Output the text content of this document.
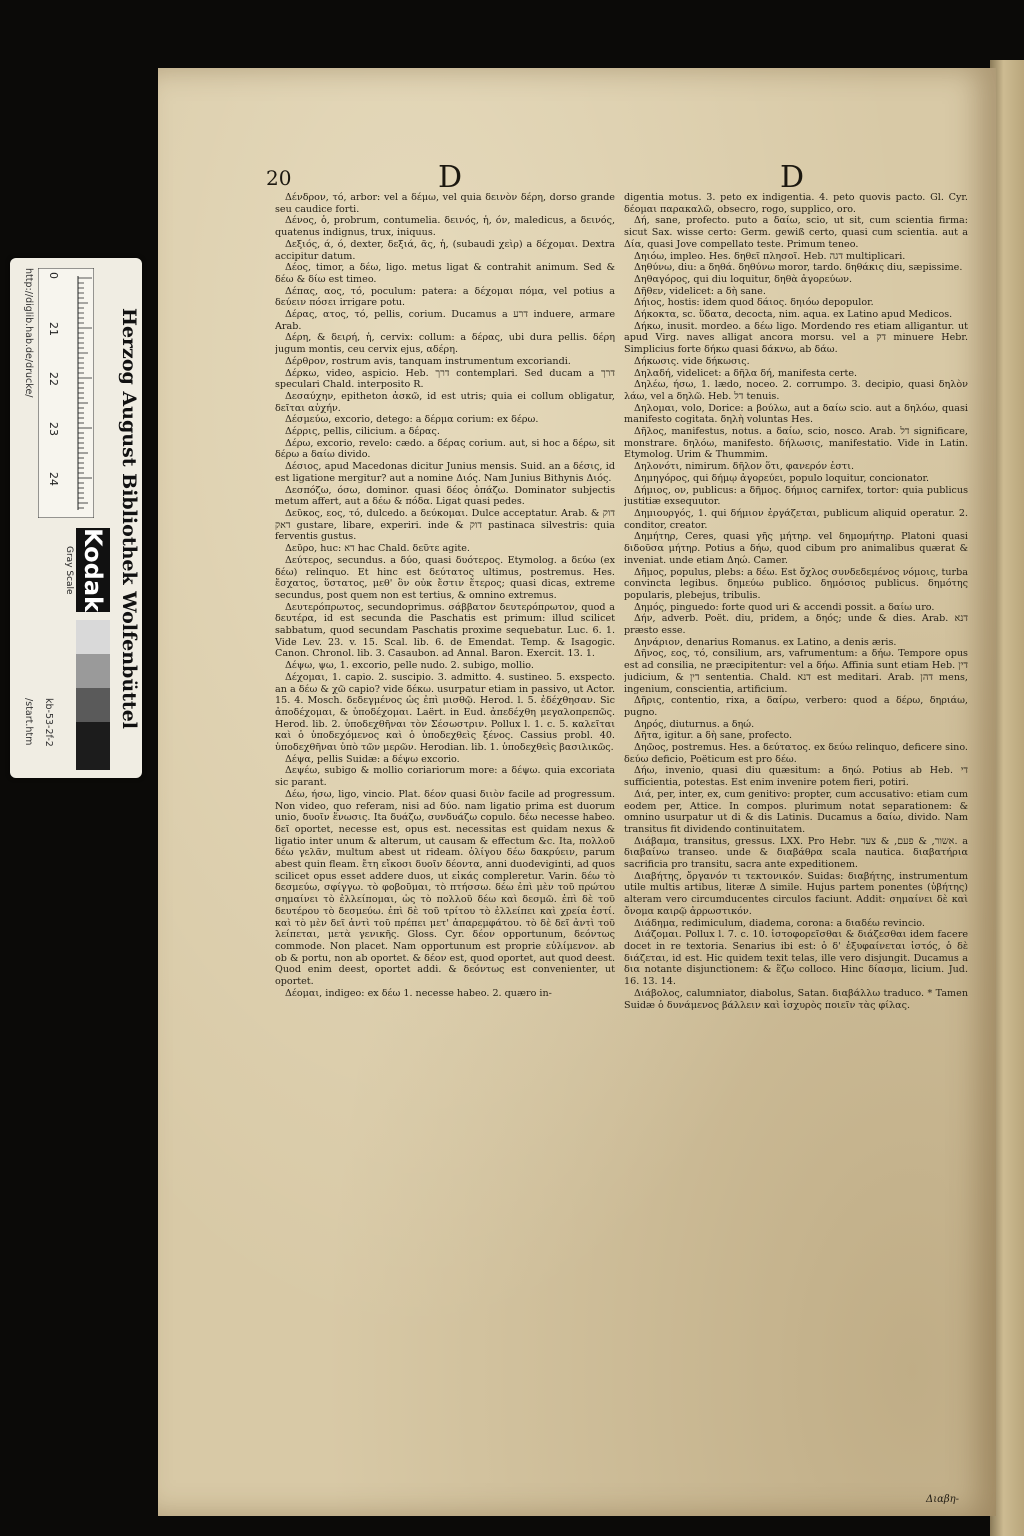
20	D	D

Δένδρον, τό, arbor: vel a δέμω, vel quia δεινὸν δέρη, dorso grande seu caudice forti.

Δένος, ὁ, probrum, contumelia. δεινός, ἡ, όν, maledicus, a δεινός, quatenus indignus, trux, iniquus.

Δεξιός, ά, ό, dexter, δεξιά, ᾶς, ἡ, (subaudi χεὶρ) a δέχομαι. Dextra accipitur datum.

Δέος, timor, a δέω, ligo. metus ligat & contrahit animum. Sed & δέω & δίω est timeo.

Δέπας, αος, τό, poculum: patera: a δέχομαι πόμα, vel potius a δεύειν πόσει irrigare potu.

Δέρας, ατος, τό, pellis, corium. Ducamus a דרע induere, armare Arab.

Δέρη, & δειρή, ἡ, cervix: collum: a δέρας, ubi dura pellis. δέρη jugum montis, ceu cervix ejus, αδέρη.

Δέρθρον, rostrum avis, tanquam instrumentum excoriandi.

Δέρκω, video, aspicio. Heb. דרך contemplari. Sed ducam a דרך speculari Chald. interposito R.

Δεσαύχην, epitheton ἀσκῶ, id est utris; quia ei collum obligatur, δεῖται αὐχήν.

Δέσμεύω, excorio, detego: a δέρμα corium: ex δέρω.

Δέρρις, pellis, cilicium. a δέρας.

Δέρω, excorio, revelo: cædo. a δέρας corium. aut, si hoc a δέρω, sit δέρω a δαίω divido.

Δέσιος, apud Macedonas dicitur Junius mensis. Suid. an a δέσις, id est ligatione mergitur? aut a nomine Διός. Nam Junius Bithynis Διός.

Δεσπόζω, όσω, dominor. quasi δέος ὀπάζω. Dominator subjectis metum affert, aut a δέω & πόδα. Ligat quasi pedes.

Δεῦκος, εος, τό, dulcedo. a δεύκομαι. Dulce acceptatur. Arab. דוק & דאק gustare, libare, experiri. inde & דוק pastinaca silvestris: quia ferventis gustus.

Δεῦρο, huc: דא hac Chald. δεῦτε agite.

Δεύτερος, secundus. a δύο, quasi δυότερος. Etymolog. a δεύω (ex δέω) relinquo. Et hinc est δεύτατος ultimus, postremus. Hes. ἔσχατος, ὕστατος, μεθ' ὃν οὐκ ἔστιν ἕτερος; quasi dicas, extreme secundus, post quem non est tertius, & omnino extremus.

Δευτερόπρωτος, secundoprimus. σάββατον δευτερόπρωτον, quod a δευτέρα, id est secunda die Paschatis est primum: illud scilicet sabbatum, quod secundam Paschatis proxime sequebatur. Luc. 6. 1. Vide Lev. 23. v. 15. Scal. lib. 6. de Emendat. Temp. & Isagogic. Canon. Chronol. lib. 3. Casaubon. ad Annal. Baron. Exercit. 13. 1.

Δέψω, ψω, 1. excorio, pelle nudo. 2. subigo, mollio.

Δέχομαι, 1. capio. 2. suscipio. 3. admitto. 4. sustineo. 5. exspecto. an a δέω & χῶ capio? vide δέκω. usurpatur etiam in passivo, ut Actor. 15. 4. Mosch. δεδεγμένος ὡς ἐπὶ μισθῷ. Herod. l. 5. ἐδέχθησαν. Sic ἀποδέχομαι, & ὑποδέχομαι. Laërt. in Eud. ἀπεδέχθη μεγαλοπρεπῶς. Herod. lib. 2. ὑποδεχθῆναι τὸν Σέσωστριν. Pollux l. 1. c. 5. καλεῖται καὶ ὁ ὑποδεχόμενος καὶ ὁ ὑποδεχθεὶς ξένος. Cassius probl. 40. ὑποδεχθῆναι ὑπὸ τῶν μερῶν. Herodian. lib. 1. ὑποδεχθεὶς βασιλικῶς.

Δέψα, pellis Suidæ: a δέψω excorio.

Δεψέω, subigo & mollio coriariorum more: a δέψω. quia excoriata sic parant.

Δέω, ήσω, ligo, vincio. Plat. δέον quasi διιὸν facile ad progressum. Non video, quo referam, nisi ad δύο. nam ligatio prima est duorum unio, δυοῖν ἕνωσις. Ita δυάζω, συνδυάζω copulo. δέω necesse habeo. δεῖ oportet, necesse est, opus est. necessitas est quidam nexus & ligatio inter unum & alterum, ut causam & effectum &c. Ita, πολλοῦ δέω γελᾶν, multum abest ut rideam. ὀλίγου δέω δακρύειν, parum abest quin fleam. ἔτη εἴκοσι δυοῖν δέοντα, anni duodeviginti, ad quos scilicet opus esset addere duos, ut εἰκάς compleretur. Varin. δέω τὸ δεσμεύω, σφίγγω. τὸ φοβοῦμαι, τὸ πτήσσω. δέω ἐπὶ μὲν τοῦ πρώτου σημαίνει τὸ ἐλλείπομαι, ὡς τὸ πολλοῦ δέω καὶ δεσμῶ. ἐπὶ δὲ τοῦ δευτέρου τὸ δεσμεύω. ἐπὶ δὲ τοῦ τρίτου τὸ ἐλλείπει καὶ χρεία ἐστί. καὶ τὸ μὲν δεῖ ἀντὶ τοῦ πρέπει μετ' ἀπαρεμφάτου. τὸ δὲ δεῖ ἀντὶ τοῦ λείπεται, μετὰ γενικῆς. Gloss. Cyr. δέον opportunum, δεόντως commode. Non placet. Nam opportunum est proprie εὐλίμενον. ab ob & portu, non ab oportet. & δέον est, quod oportet, aut quod deest. Quod enim deest, oportet addi. & δεόντως est convenienter, ut oportet.

Δέομαι, indigeo: ex δέω 1. necesse habeo. 2. quæro in-

digentia motus. 3. peto ex indigentia. 4. peto quovis pacto. Gl. Cyr. δέομαι παρακαλῶ, obsecro, rogo, supplico, oro.

Δή, sane, profecto. puto a δαίω, scio, ut sit, cum scientia firma: sicut Sax. wisse certo: Germ. gewiß certo, quasi cum scientia. aut a Δία, quasi Jove compellato teste. Primum teneo.

Δηιόω, impleo. Hes. δηθεῖ πλησοῖ. Heb. דגה multiplicari.

Δηθύνω, diu: a δηθά. δηθύνω moror, tardo. δηθάκις diu, sæpissime.

Δηθαγόρος, qui diu loquitur, δηθὰ ἀγορεύων.

Δῆθεν, videlicet: a δὴ sane.

Δήιος, hostis: idem quod δάιος. δηιόω depopulor.

Δήκοκτα, sc. ὕδατα, decocta, nim. aqua. ex Latino apud Medicos.

Δήκω, inusit. mordeo. a δέω ligo. Mordendo res etiam alligantur. ut apud Virg. naves alligat ancora morsu. vel a דק minuere Hebr. Simplicius forte δήκω quasi δάκνω, ab δάω.

Δήκωσις. vide δήκωσις.

Δηλαδή, videlicet: a δῆλα δή, manifesta certe.

Δηλέω, ήσω, 1. lædo, noceo. 2. corrumpo. 3. decipio, quasi δηλὸν λάω, vel a δηλῶ. Heb. דל tenuis.

Δηλομαι, volo, Dorice: a βούλω, aut a δαίω scio. aut a δηλόω, quasi manifesto cogitata. δηλὴ voluntas Hes.

Δῆλος, manifestus, notus. a δαίω, scio, nosco. Arab. דל significare, monstrare. δηλόω, manifesto. δήλωσις, manifestatio. Vide in Latin. Etymolog. Urim & Thummim.

Δηλονότι, nimirum. δῆλον ὅτι, φανερόν ἐστι.

Δημηγόρος, qui δήμῳ ἀγορεύει, populo loquitur, concionator.

Δήμιος, ον, publicus: a δῆμος. δήμιος carnifex, tortor: quia publicus justitiæ exsequutor.

Δημιουργός, 1. qui δήμιον ἐργάζεται, publicum aliquid operatur. 2. conditor, creator.

Δημήτηρ, Ceres, quasi γῆς μήτηρ. vel δημομήτηρ. Platoni quasi διδοῦσα μήτηρ. Potius a δήω, quod cibum pro animalibus quærat & inveniat. unde etiam Δηώ. Camer.

Δῆμος, populus, plebs: a δέω. Est ὄχλος συνδεδεμένος νόμοις, turba convincta legibus. δημεύω publico. δημόσιος publicus. δημότης popularis, plebejus, tribulis.

Δημός, pinguedo: forte quod uri & accendi possit. a δαίω uro.

Δήν, adverb. Poët. diu, pridem, a δηός; unde & dies. Arab. דנא præsto esse.

Δηνάριον, denarius Romanus. ex Latino, a denis æris.

Δῆνος, εος, τό, consilium, ars, vafrumentum: a δήω. Tempore opus est ad consilia, ne præcipitentur: vel a δήω. Affinia sunt etiam Heb. דין judicium, & דין sententia. Chald. דנא est meditari. Arab. דהן mens, ingenium, conscientia, artificium.

Δῆρις, contentio, rixa, a δαίρω, verbero: quod a δέρω, δηριάω, pugno.

Δηρός, diuturnus. a δηώ.

Δῆτα, igitur. a δὴ sane, profecto.

Δηῶος, postremus. Hes. a δεύτατος. ex δεύω relinquo, deficere sino. δεύω deficio, Poëticum est pro δέω.

Δήω, invenio, quasi diu quæsitum: a δηώ. Potius ab Heb. די sufficientia, potestas. Est enim invenire potem fieri, potiri.

Διά, per, inter, ex, cum genitivo: propter, cum accusativo: etiam cum eodem per, Attice. In compos. plurimum notat separationem: & omnino usurpatur ut di & dis Latinis. Ducamus a δαίω, divido. Nam transitus fit dividendo continuitatem.

Διάβαμα, transitus, gressus. LXX. Pro Hebr. אשור, & פעם, & צעד. a διαβαίνω transeo. unde & διαβάθρα scala nautica. διαβατήρια sacrificia pro transitu, sacra ante expeditionem.

Διαβήτης, ὄργανόν τι τεκτονικόν. Suidas: διαβήτης, instrumentum utile multis artibus, literæ Δ simile. Hujus partem ponentes (ὑβήτης) alteram vero circumducentes circulos faciunt. Addit: σημαίνει δὲ καὶ ὄνομα καιρῷ ἀρρωστικόν.

Διάδημα, redimiculum, diadema, corona: a διαδέω revincio.

Διάζομαι. Pollux l. 7. c. 10. ἱστοφορεῖσθαι & διάζεσθαι idem facere docet in re textoria. Senarius ibi est: ὁ δ' ἐξυφαίνεται ἱστός, ὁ δὲ διάζεται, id est. Hic quidem texit telas, ille vero disjungit. Ducamus a δια notante disjunctionem: & ἕζω colloco. Hinc δίασμα, licium. Jud. 16. 13. 14.

Διάβολος, calumniator, diabolus, Satan. διαβάλλω traduco. * Tamen Suidæ ὁ δυνάμενος βάλλειν καὶ ἰσχυρὸς ποιεῖν τὰς φίλας.

Διαβη-
Herzog August Bibliothek Wolfenbüttel
http://diglib.hab.de/drucke/
/start.htm kb-53-2f-2
0
21
22
23
24
Kodak
Gray Scale
